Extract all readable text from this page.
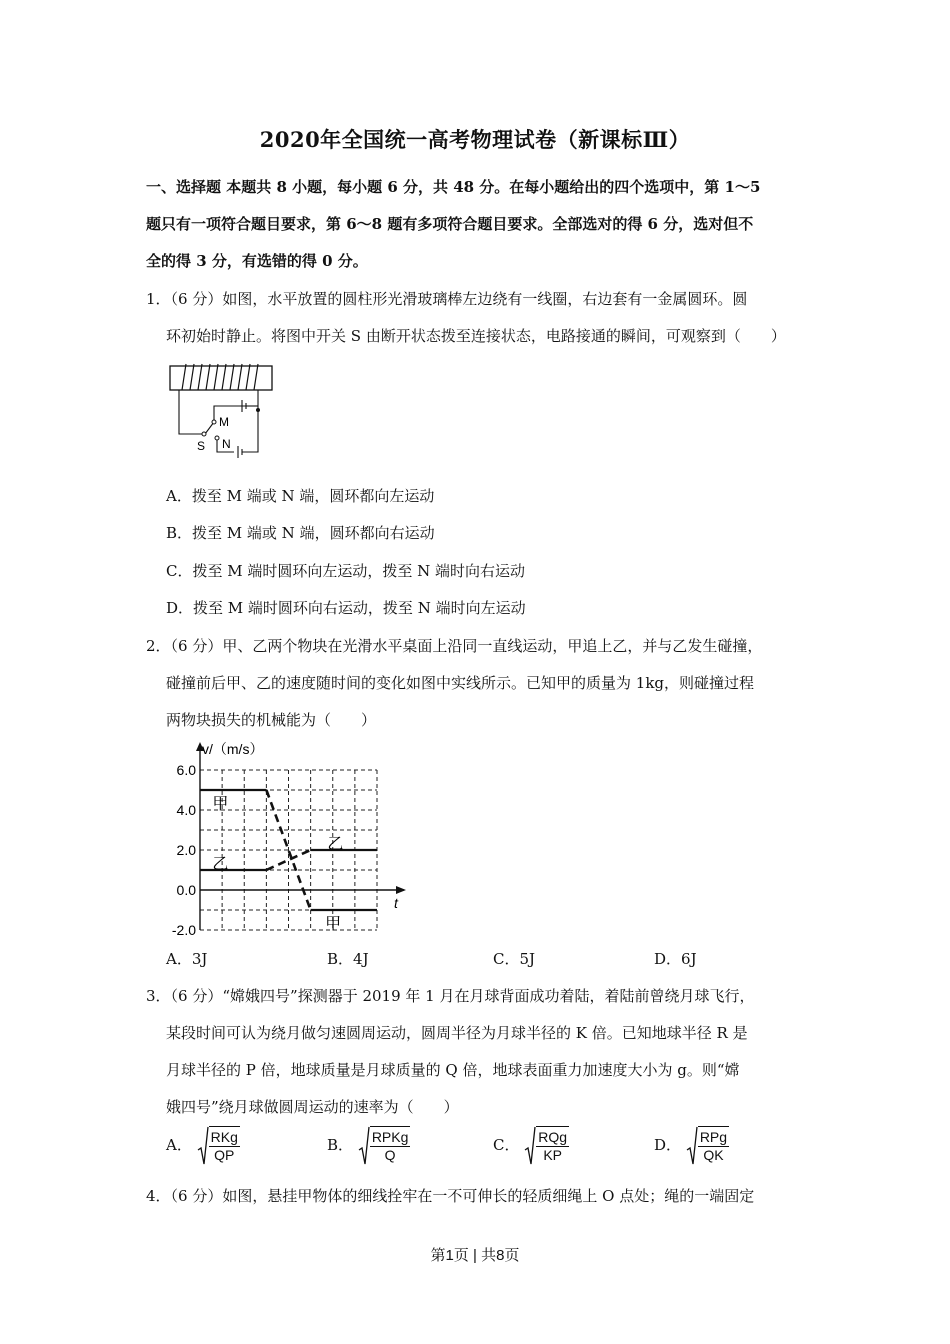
2020年全国统一高考物理试卷（新课标Ⅲ）
一、选择题 本题共 8 小题，每小题 6 分，共 48 分。在每小题给出的四个选项中，第 1～5
题只有一项符合题目要求，第 6～8 题有多项符合题目要求。全部选对的得 6 分，选对但不
全的得 3 分，有选错的得 0 分。
1．（6 分）如图，水平放置的圆柱形光滑玻璃棒左边绕有一线圈，右边套有一金属圆环。圆
环初始时静止。将图中开关 S 由断开状态拨至连接状态，电路接通的瞬间，可观察到（　　）
M
N
S
A．拨至 M 端或 N 端，圆环都向左运动
B．拨至 M 端或 N 端，圆环都向右运动
C．拨至 M 端时圆环向左运动，拨至 N 端时向右运动
D．拨至 M 端时圆环向右运动，拨至 N 端时向左运动
2．（6 分）甲、乙两个物块在光滑水平桌面上沿同一直线运动，甲追上乙，并与乙发生碰撞，
碰撞前后甲、乙的速度随时间的变化如图中实线所示。已知甲的质量为 1kg，则碰撞过程
两物块损失的机械能为（　　）
6.0
4.0
2.0
0.0
-2.0
甲
乙
乙
甲
v/（m/s）
t
A．3J	B．4J	C．5J	D．6J
3．（6 分）“嫦娥四号”探测器于 2019 年 1 月在月球背面成功着陆，着陆前曾绕月球飞行，
某段时间可认为绕月做匀速圆周运动，圆周半径为月球半径的 K 倍。已知地球半径 R 是
月球半径的 P 倍，地球质量是月球质量的 Q 倍，地球表面重力加速度大小为 g。则“嫦
娥四号”绕月球做圆周运动的速率为（　　）
A． $\frac{\text{RKg}}{QP}$	B． $\frac{\text{RPKg}}{Q}$	C． $\frac{\text{RQg}}{KP}$	D． $\frac{\text{RPg}}{QK}$
4．（6 分）如图，悬挂甲物体的细线拴牢在一不可伸长的轻质细绳上 O 点处；绳的一端固定
第1页 | 共8页
